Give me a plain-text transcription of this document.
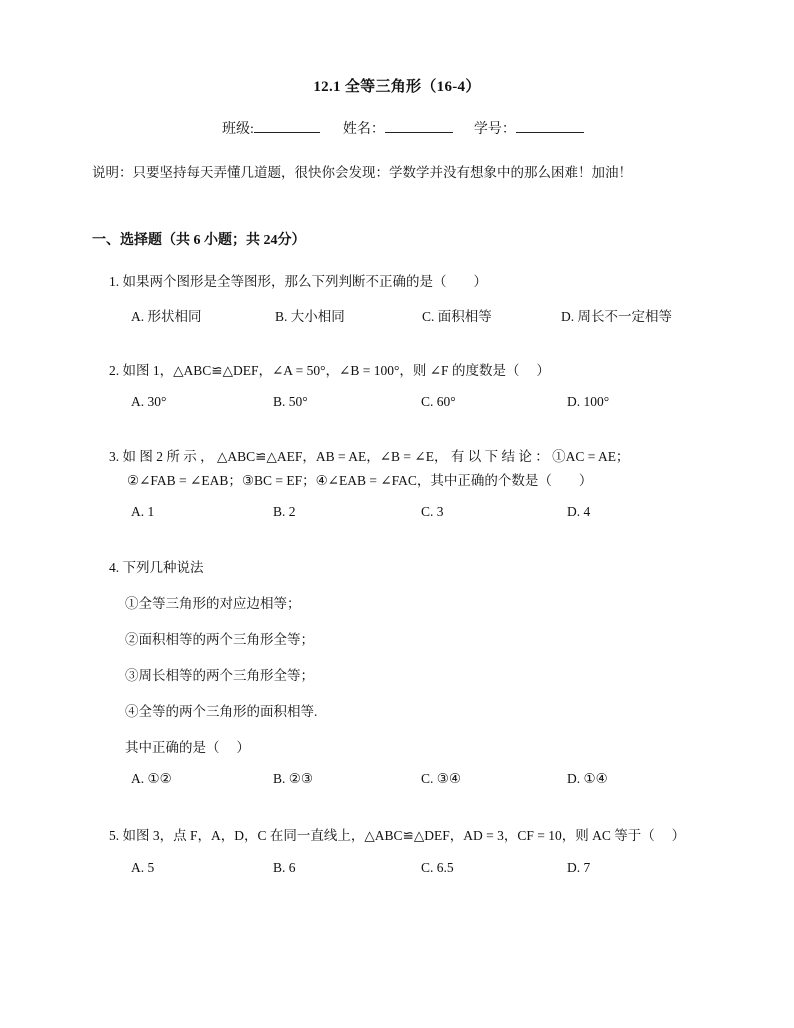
12.1 全等三角形（16-4）
班级:	姓名：	学号：
说明：只要坚持每天弄懂几道题，很快你会发现：学数学并没有想象中的那么困难！加油！
一、选择题（共 6 小题；共 24分）
1. 如果两个图形是全等图形，那么下列判断不正确的是（　　）
A. 形状相同	B. 大小相同	C. 面积相等	D. 周长不一定相等
2. 如图 1，△ABC≌△DEF，∠A = 50°，∠B = 100°，则 ∠F 的度数是（　 ）
A. 30°	B. 50°	C. 60°	D. 100°
3. 如 图 2 所 示 ， △ABC≌△AEF，AB = AE，∠B = ∠E， 有 以 下 结 论 ： ①AC = AE；
②∠FAB = ∠EAB；③BC = EF；④∠EAB = ∠FAC，其中正确的个数是（　　）
A. 1	B. 2	C. 3	D. 4
4. 下列几种说法
①全等三角形的对应边相等；
②面积相等的两个三角形全等；
③周长相等的两个三角形全等；
④全等的两个三角形的面积相等.
其中正确的是（　 ）
A. ①②	B. ②③	C. ③④	D. ①④
5. 如图 3，点 F，A，D，C 在同一直线上，△ABC≌△DEF，AD = 3，CF = 10，则 AC 等于（　 ）
A. 5	B. 6	C. 6.5	D. 7
